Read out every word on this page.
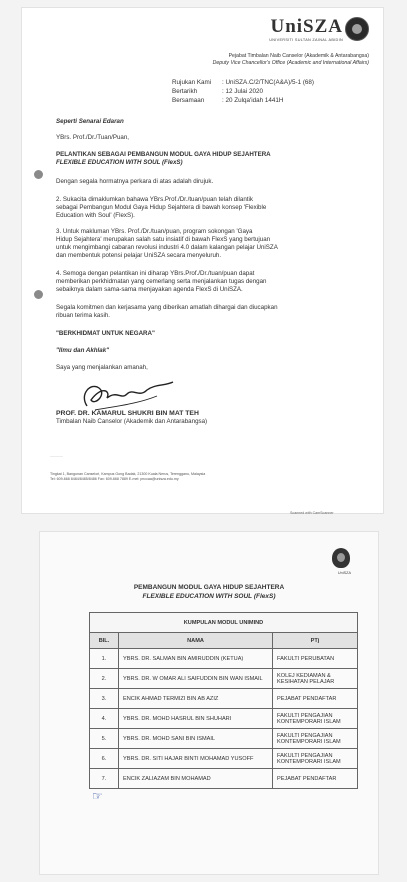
UniSZA
UNIVERSITI SULTAN ZAINAL ABIDIN
Pejabat Timbalan Naib Canselor (Akademik & Antarabangsa)
Deputy Vice Chancellor's Office (Academic and International Affairs)
Rujukan Kami : UniSZA.C/2/TNC(A&A)/5-1 (68)
Bertarikh	: 12 Julai 2020
Bersamaan	: 20 Zulqa'idah 1441H
Seperti Senarai Edaran
YBrs. Prof./Dr./Tuan/Puan,
PELANTIKAN SEBAGAI PEMBANGUN MODUL GAYA HIDUP SEJAHTERA
FLEXIBLE EDUCATION WITH SOUL (FlexS)
Dengan segala hormatnya perkara di atas adalah dirujuk.
2. Sukacita dimaklumkan bahawa YBrs.Prof./Dr./tuan/puan telah dilantik
sebagai Pembangun Modul Gaya Hidup Sejahtera di bawah konsep 'Flexible
Education with Soul' (FlexS).
3. Untuk makluman YBrs. Prof./Dr./tuan/puan, program sokongan 'Gaya
Hidup Sejahtera' merupakan salah satu insiatif di bawah FlexS yang bertujuan
untuk mengimbangi cabaran revolusi industri 4.0 dalam kalangan pelajar UniSZA
dan membentuk potensi pelajar UniSZA secara menyeluruh.
4. Semoga dengan pelantikan ini diharap YBrs.Prof./Dr./tuan/puan dapat
memberikan perkhidmatan yang cemerlang serta menjalankan tugas dengan
sebaiknya dalam sama-sama menjayakan agenda FlexS di UniSZA.
Segala komitmen dan kerjasama yang diberikan amatlah dihargai dan diucapkan
ribuan terima kasih.
"BERKHIDMAT UNTUK NEGARA"
"Ilmu dan Akhlak"
Saya yang menjalankan amanah,
PROF. DR. KAMARUL SHUKRI BIN MAT TEH
Timbalan Naib Canselor (Akademik dan Antarabangsa)
.............
Tingkat 1, Bangunan Canselori, Kampus Gong Badak, 21300 Kuala Nerus, Terengganu, Malaysia
Tel: 609-668 8484/8485/8486 Fax: 609-668 7889 E-mel: pnccaa@unisza.edu.my
Scanned with CamScanner
UniSZA
PEMBANGUN MODUL GAYA HIDUP SEJAHTERA
FLEXIBLE EDUCATION WITH SOUL (FlexS)
KUMPULAN MODUL UNIMIND		
BIL.	NAMA	PTj
1.	YBRS. DR. SALMAN BIN AMIRUDDIN (KETUA)	FAKULTI PERUBATAN
2.	YBRS. DR. W OMAR ALI SAIFUDDIN BIN WAN ISMAIL	KOLEJ KEDIAMAN & KESIHATAN PELAJAR
3.	ENCIK AHMAD TERMIZI BIN AB AZIZ	PEJABAT PENDAFTAR
4.	YBRS. DR. MOHD HASRUL BIN SHUHARI	FAKULTI PENGAJIAN KONTEMPORARI ISLAM
5.	YBRS. DR. MOHD SANI BIN ISMAIL	FAKULTI PENGAJIAN KONTEMPORARI ISLAM
6.	YBRS. DR. SITI HAJAR BINTI MOHAMAD YUSOFF	FAKULTI PENGAJIAN KONTEMPORARI ISLAM
7.	ENCIK ZALIAZAM BIN MOHAMAD	PEJABAT PENDAFTAR
☞
